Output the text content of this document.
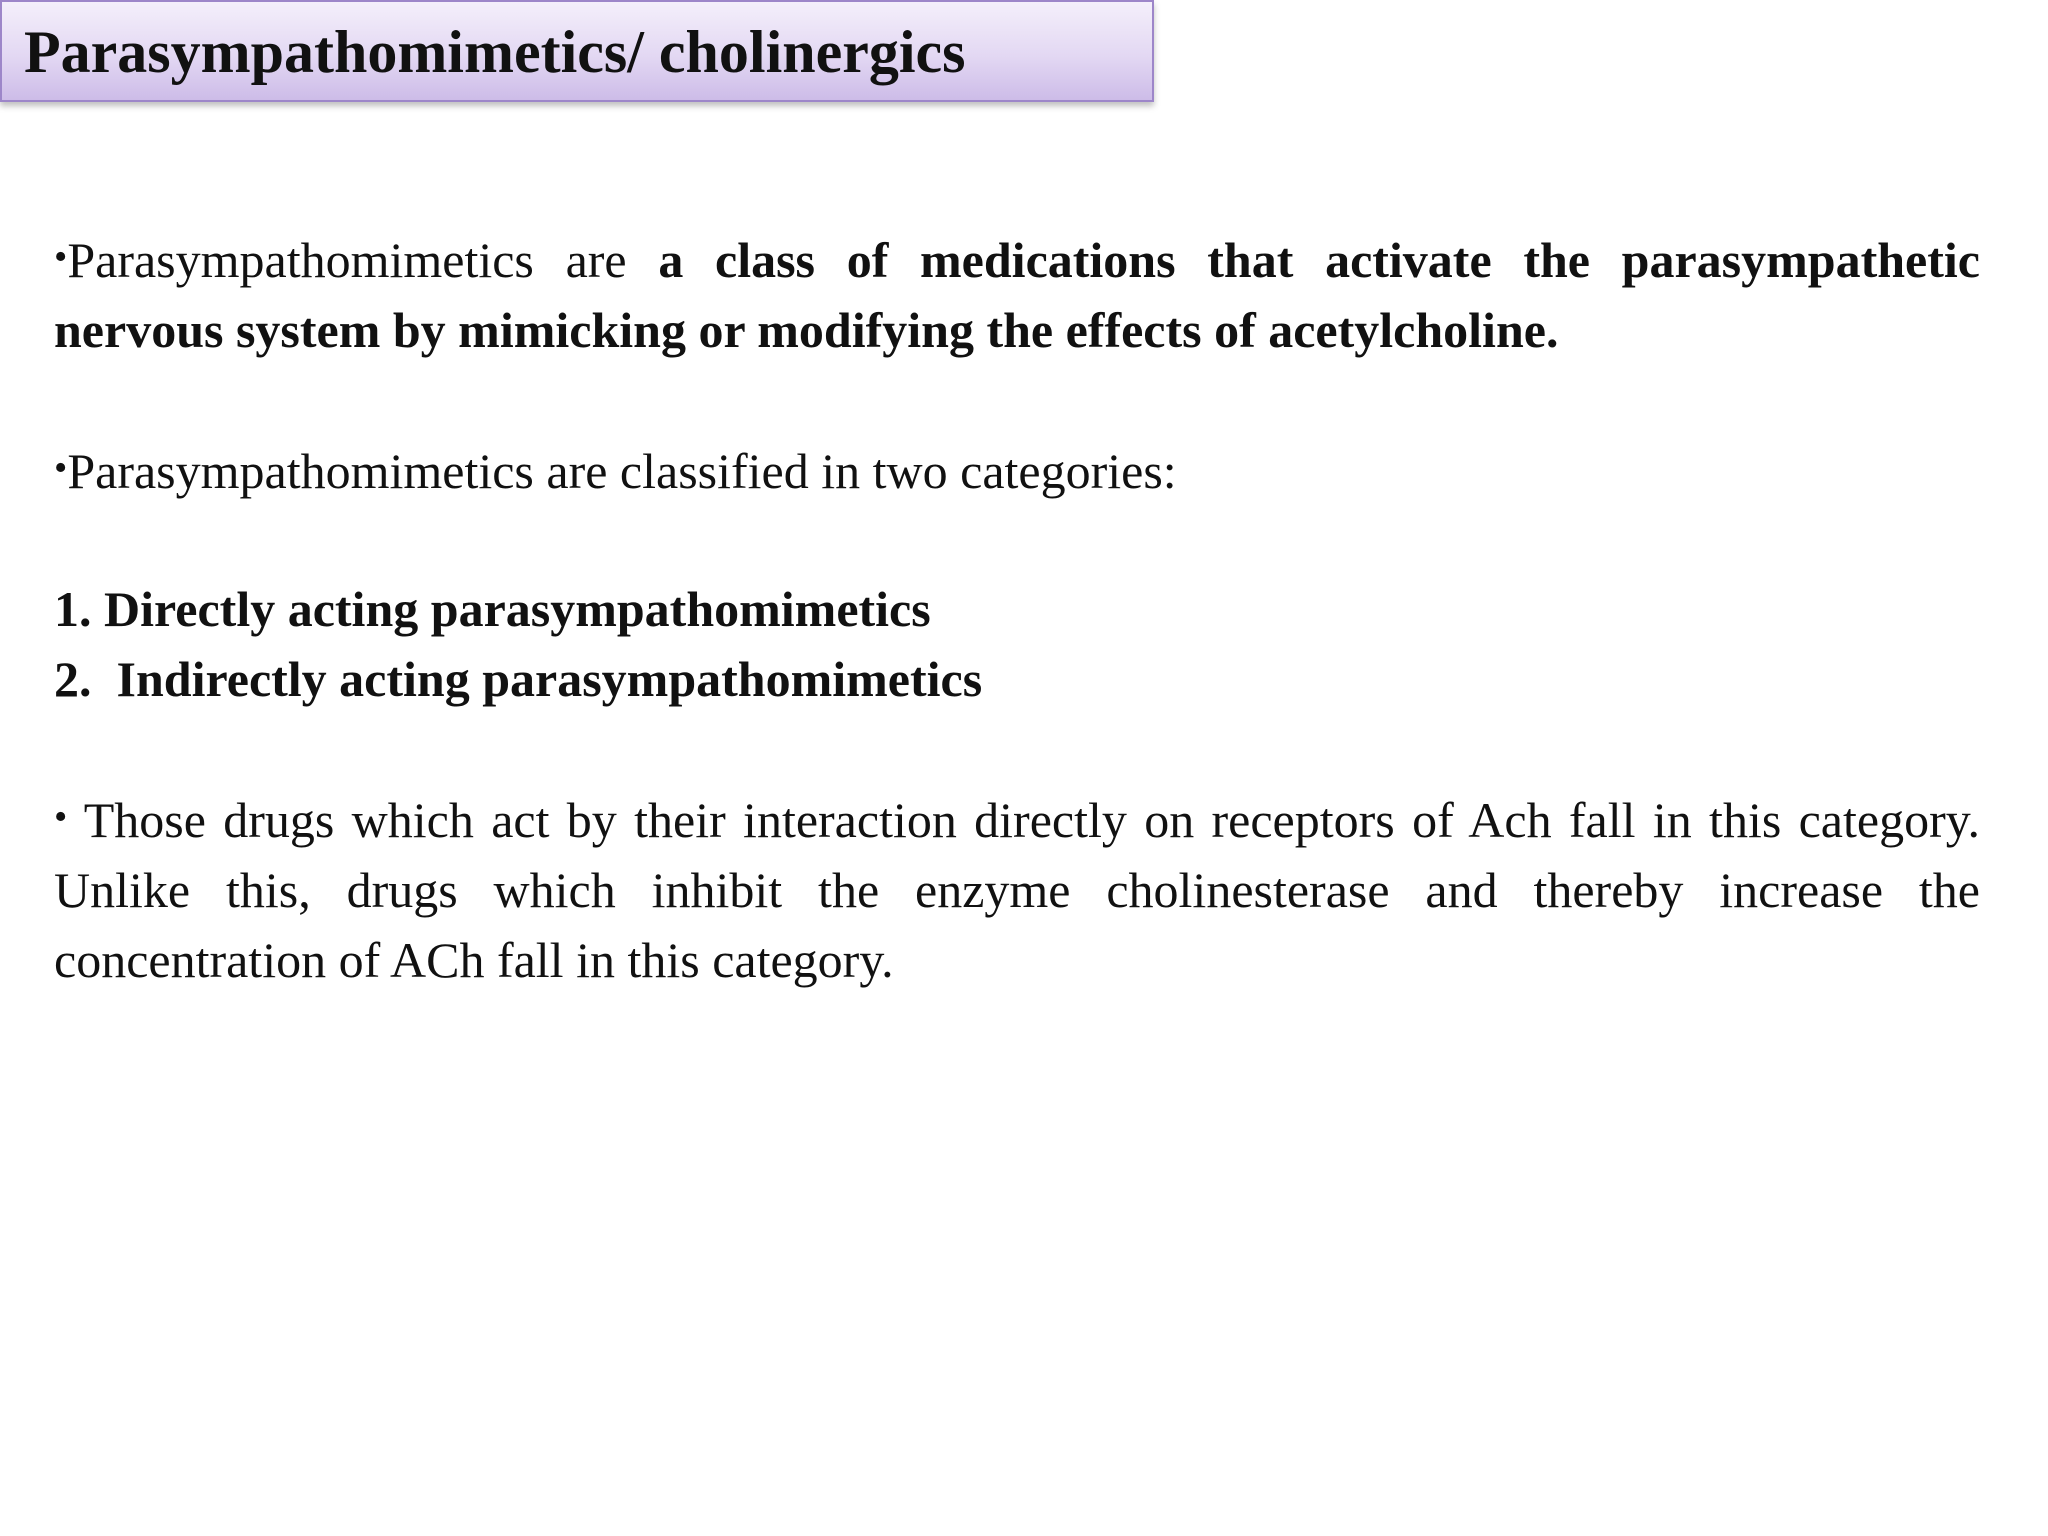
Parasympathomimetics/ cholinergics

•Parasympathomimetics are a class of medications that activate the parasympathetic nervous system by mimicking or modifying the effects of acetylcholine.

•Parasympathomimetics are classified in two categories:

1. Directly acting parasympathomimetics

2. Indirectly acting parasympathomimetics

• Those drugs which act by their interaction directly on receptors of Ach fall in this category. Unlike this, drugs which inhibit the enzyme cholinesterase and thereby increase the concentration of ACh fall in this category.
